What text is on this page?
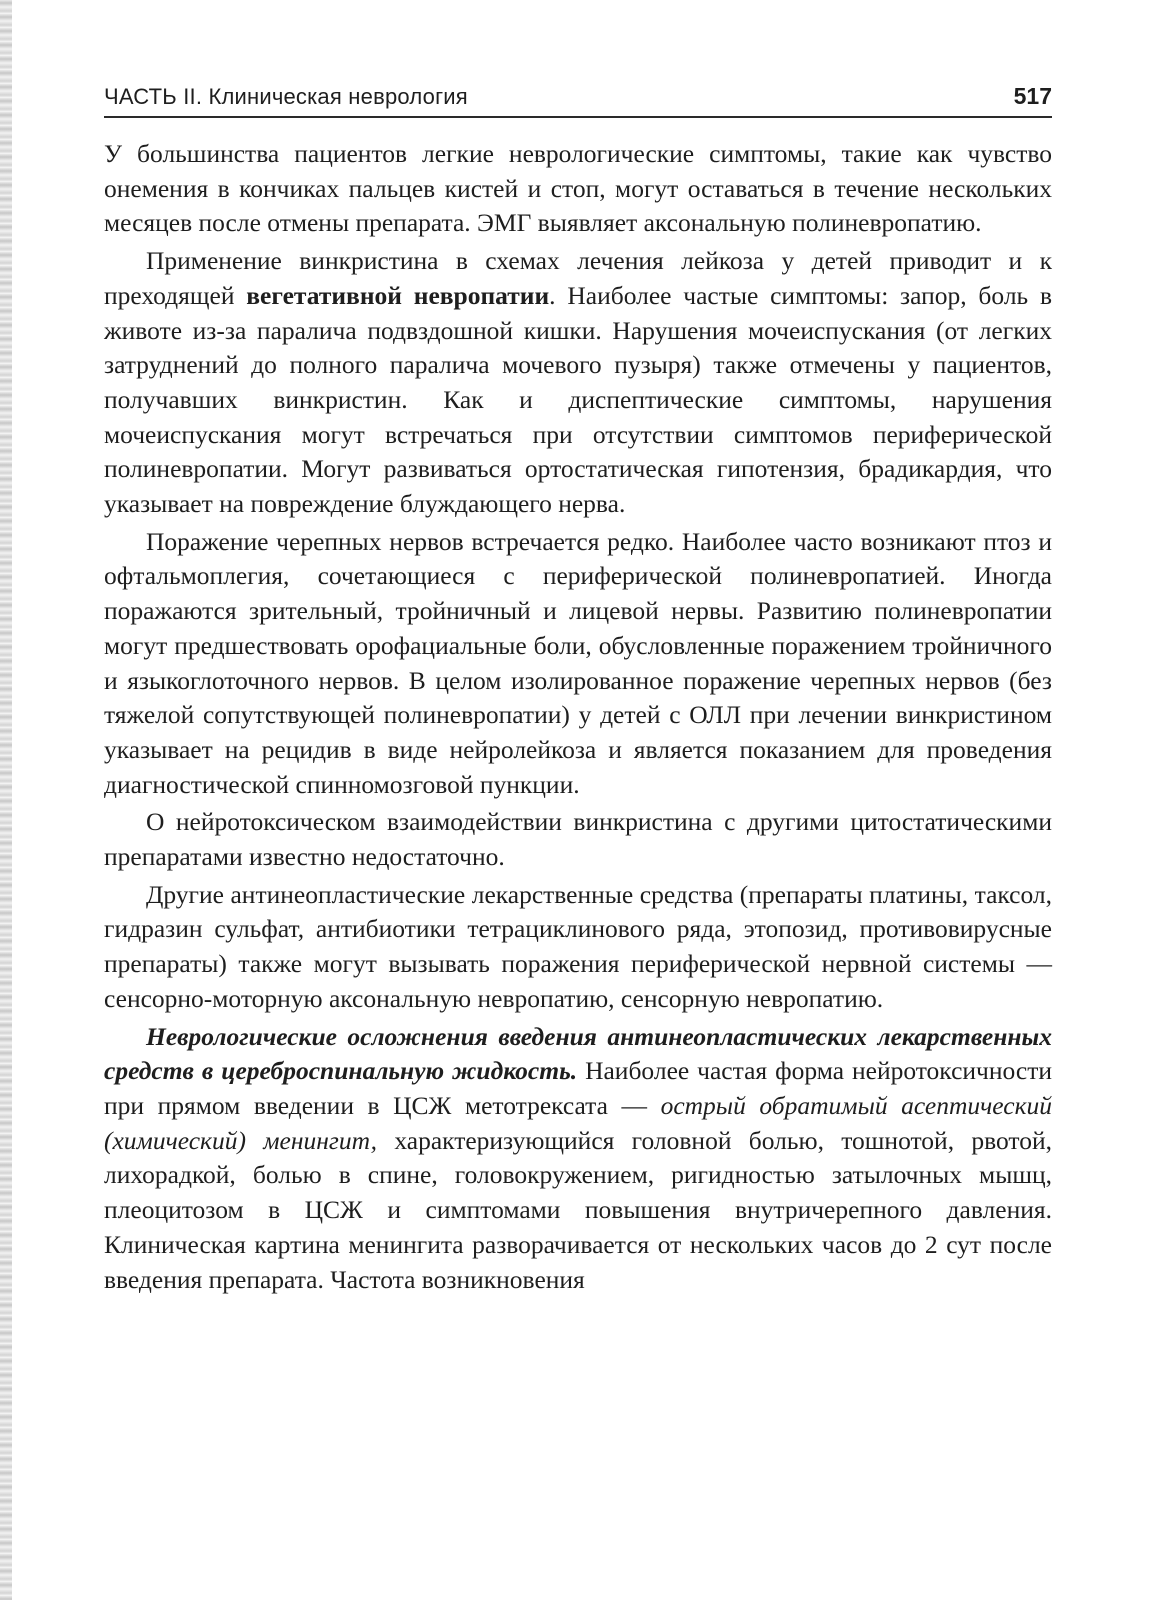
ЧАСТЬ II. Клиническая неврология	517

У большинства пациентов легкие неврологические симптомы, такие как чувство онемения в кончиках пальцев кистей и стоп, могут оставаться в течение нескольких месяцев после отмены препарата. ЭМГ выявляет аксональную полиневропатию.

Применение винкристина в схемах лечения лейкоза у детей приводит и к преходящей вегетативной невропатии. Наиболее частые симптомы: запор, боль в животе из-за паралича подвздошной кишки. Нарушения мочеиспускания (от легких затруднений до полного паралича мочевого пузыря) также отмечены у пациентов, получавших винкристин. Как и диспептические симптомы, нарушения мочеиспускания могут встречаться при отсутствии симптомов периферической полиневропатии. Могут развиваться ортостатическая гипотензия, брадикардия, что указывает на повреждение блуждающего нерва.

Поражение черепных нервов встречается редко. Наиболее часто возникают птоз и офтальмоплегия, сочетающиеся с периферической полиневропатией. Иногда поражаются зрительный, тройничный и лицевой нервы. Развитию полиневропатии могут предшествовать орофациальные боли, обусловленные поражением тройничного и языкоглоточного нервов. В целом изолированное поражение черепных нервов (без тяжелой сопутствующей полиневропатии) у детей с ОЛЛ при лечении винкристином указывает на рецидив в виде нейролейкоза и является показанием для проведения диагностической спинномозговой пункции.

О нейротоксическом взаимодействии винкристина с другими цитостатическими препаратами известно недостаточно.

Другие антинеопластические лекарственные средства (препараты платины, таксол, гидразин сульфат, антибиотики тетрациклинового ряда, этопозид, противовирусные препараты) также могут вызывать поражения периферической нервной системы — сенсорно-моторную аксональную невропатию, сенсорную невропатию.

Неврологические осложнения введения антинеопластических лекарственных средств в цереброспинальную жидкость. Наиболее частая форма нейротоксичности при прямом введении в ЦСЖ метотрексата — острый обратимый асептический (химический) менингит, характеризующийся головной болью, тошнотой, рвотой, лихорадкой, болью в спине, головокружением, ригидностью затылочных мышц, плеоцитозом в ЦСЖ и симптомами повышения внутричерепного давления. Клиническая картина менингита разворачивается от нескольких часов до 2 сут после введения препарата. Частота возникновения
